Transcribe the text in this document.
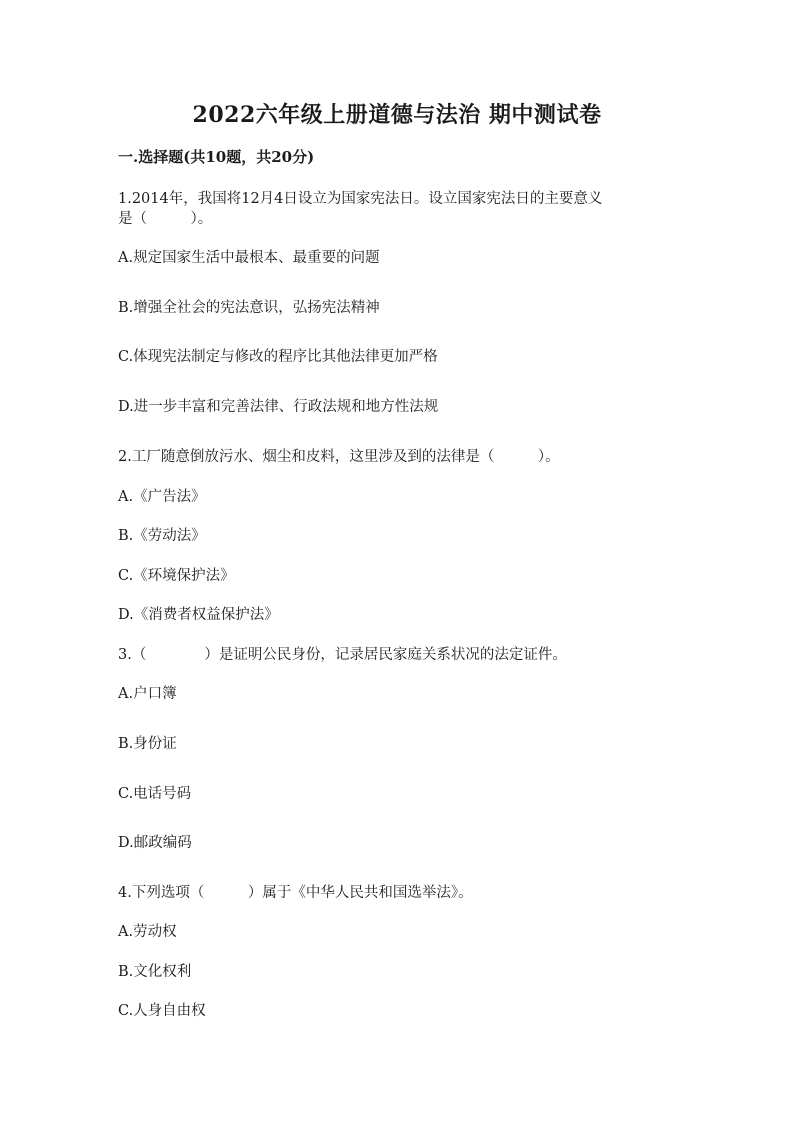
2022六年级上册道德与法治 期中测试卷
一.选择题(共10题，共20分)
1.2014年，我国将12月4日设立为国家宪法日。设立国家宪法日的主要意义
是（　　　）。
A.规定国家生活中最根本、最重要的问题
B.增强全社会的宪法意识，弘扬宪法精神
C.体现宪法制定与修改的程序比其他法律更加严格
D.进一步丰富和完善法律、行政法规和地方性法规
2.工厂随意倒放污水、烟尘和皮料，这里涉及到的法律是（　　　）。
A.《广告法》
B.《劳动法》
C.《环境保护法》
D.《消费者权益保护法》
3.（　　　　）是证明公民身份，记录居民家庭关系状况的法定证件。
A.户口簿
B.身份证
C.电话号码
D.邮政编码
4.下列选项（　　　）属于《中华人民共和国选举法》。
A.劳动权
B.文化权利
C.人身自由权
